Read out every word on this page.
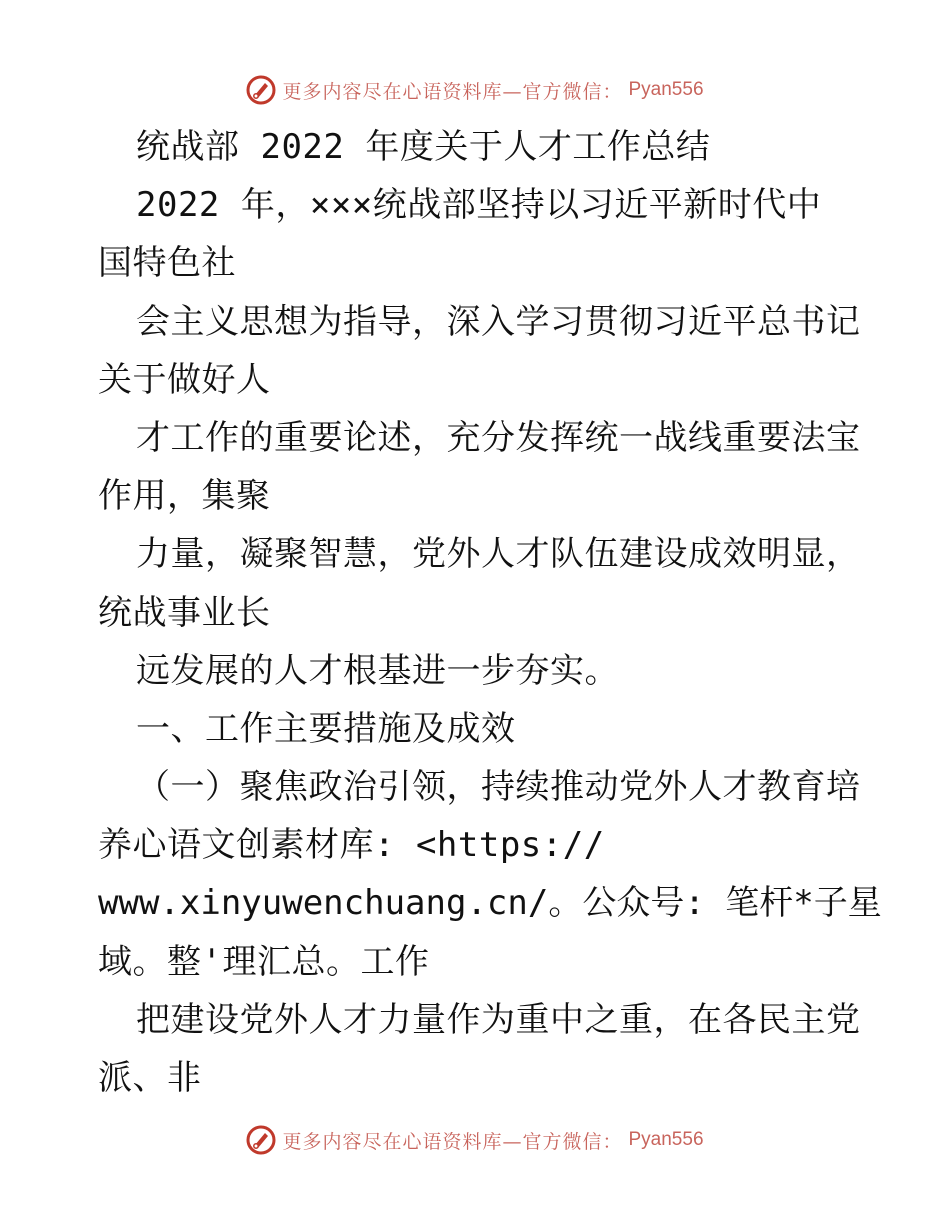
更多内容尽在心语资料库—官方微信： Pyan556
统战部 2022 年度关于人才工作总结
2022 年，×××统战部坚持以习近平新时代中
国特色社
会主义思想为指导，深入学习贯彻习近平总书记
关于做好人
才工作的重要论述，充分发挥统一战线重要法宝
作用，集聚
力量，凝聚智慧，党外人才队伍建设成效明显，
统战事业长
远发展的人才根基进一步夯实。
一、工作主要措施及成效
（一）聚焦政治引领，持续推动党外人才教育培
养心语文创素材库: <https://
www.xinyuwenchuang.cn/。公众号: 笔杆*子星
域。整'理汇总。工作
把建设党外人才力量作为重中之重，在各民主党
派、非
更多内容尽在心语资料库—官方微信： Pyan556
